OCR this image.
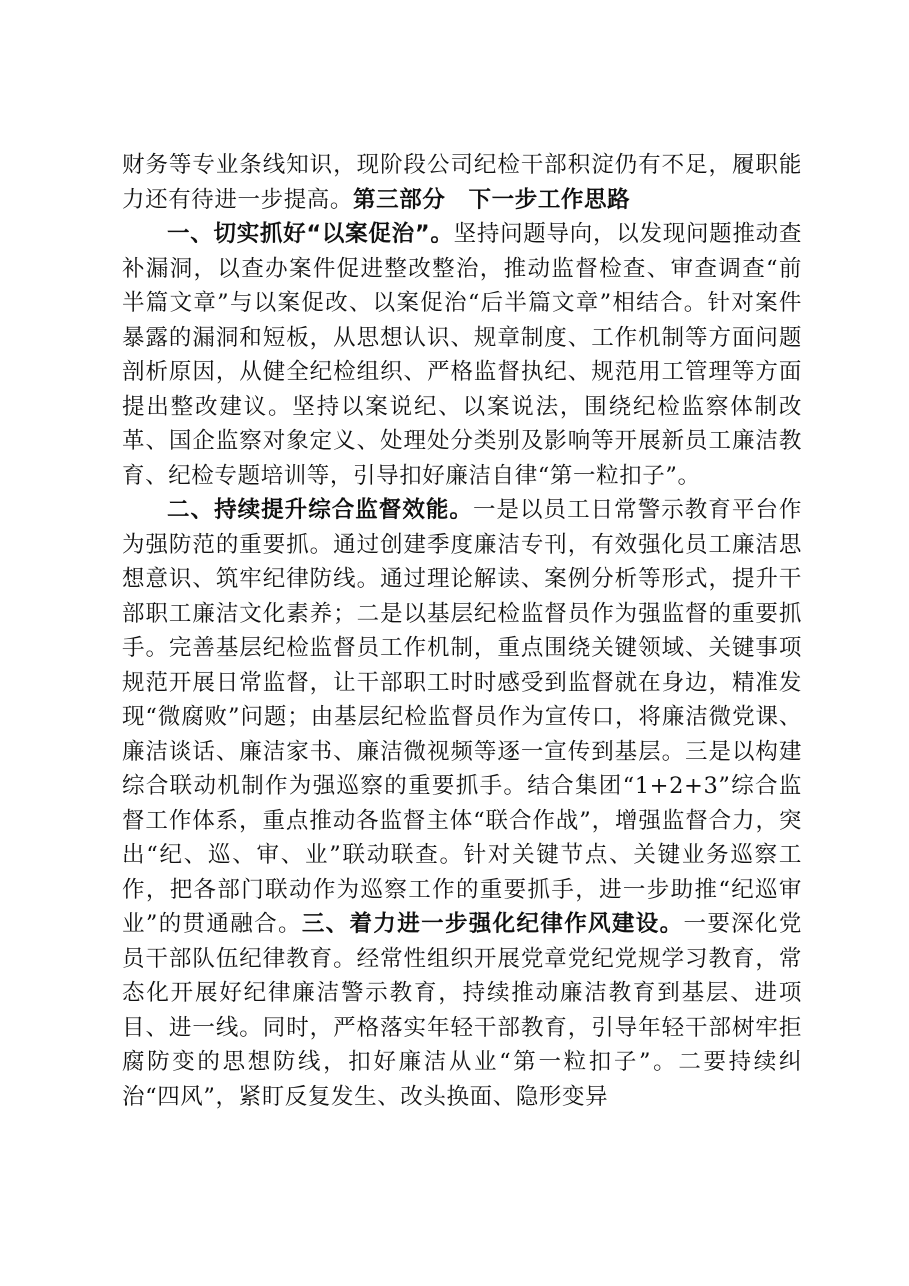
财务等专业条线知识，现阶段公司纪检干部积淀仍有不足，履职能力还有待进一步提高。第三部分　下一步工作思路

一、切实抓好“以案促治”。坚持问题导向，以发现问题推动查补漏洞，以查办案件促进整改整治，推动监督检查、审查调查“前半篇文章”与以案促改、以案促治“后半篇文章”相结合。针对案件暴露的漏洞和短板，从思想认识、规章制度、工作机制等方面问题剖析原因，从健全纪检组织、严格监督执纪、规范用工管理等方面提出整改建议。坚持以案说纪、以案说法，围绕纪检监察体制改革、国企监察对象定义、处理处分类别及影响等开展新员工廉洁教育、纪检专题培训等，引导扣好廉洁自律“第一粒扣子”。

二、持续提升综合监督效能。一是以员工日常警示教育平台作为强防范的重要抓。通过创建季度廉洁专刊，有效强化员工廉洁思想意识、筑牢纪律防线。通过理论解读、案例分析等形式，提升干部职工廉洁文化素养；二是以基层纪检监督员作为强监督的重要抓手。完善基层纪检监督员工作机制，重点围绕关键领域、关键事项规范开展日常监督，让干部职工时时感受到监督就在身边，精准发现“微腐败”问题；由基层纪检监督员作为宣传口，将廉洁微党课、廉洁谈话、廉洁家书、廉洁微视频等逐一宣传到基层。三是以构建综合联动机制作为强巡察的重要抓手。结合集团“1+2+3”综合监督工作体系，重点推动各监督主体“联合作战”，增强监督合力，突出“纪、巡、审、业”联动联查。针对关键节点、关键业务巡察工作，把各部门联动作为巡察工作的重要抓手，进一步助推“纪巡审业”的贯通融合。三、着力进一步强化纪律作风建设。一要深化党员干部队伍纪律教育。经常性组织开展党章党纪党规学习教育，常态化开展好纪律廉洁警示教育，持续推动廉洁教育到基层、进项目、进一线。同时，严格落实年轻干部教育，引导年轻干部树牢拒腐防变的思想防线，扣好廉洁从业“第一粒扣子”。二要持续纠治“四风”，紧盯反复发生、改头换面、隐形变异
